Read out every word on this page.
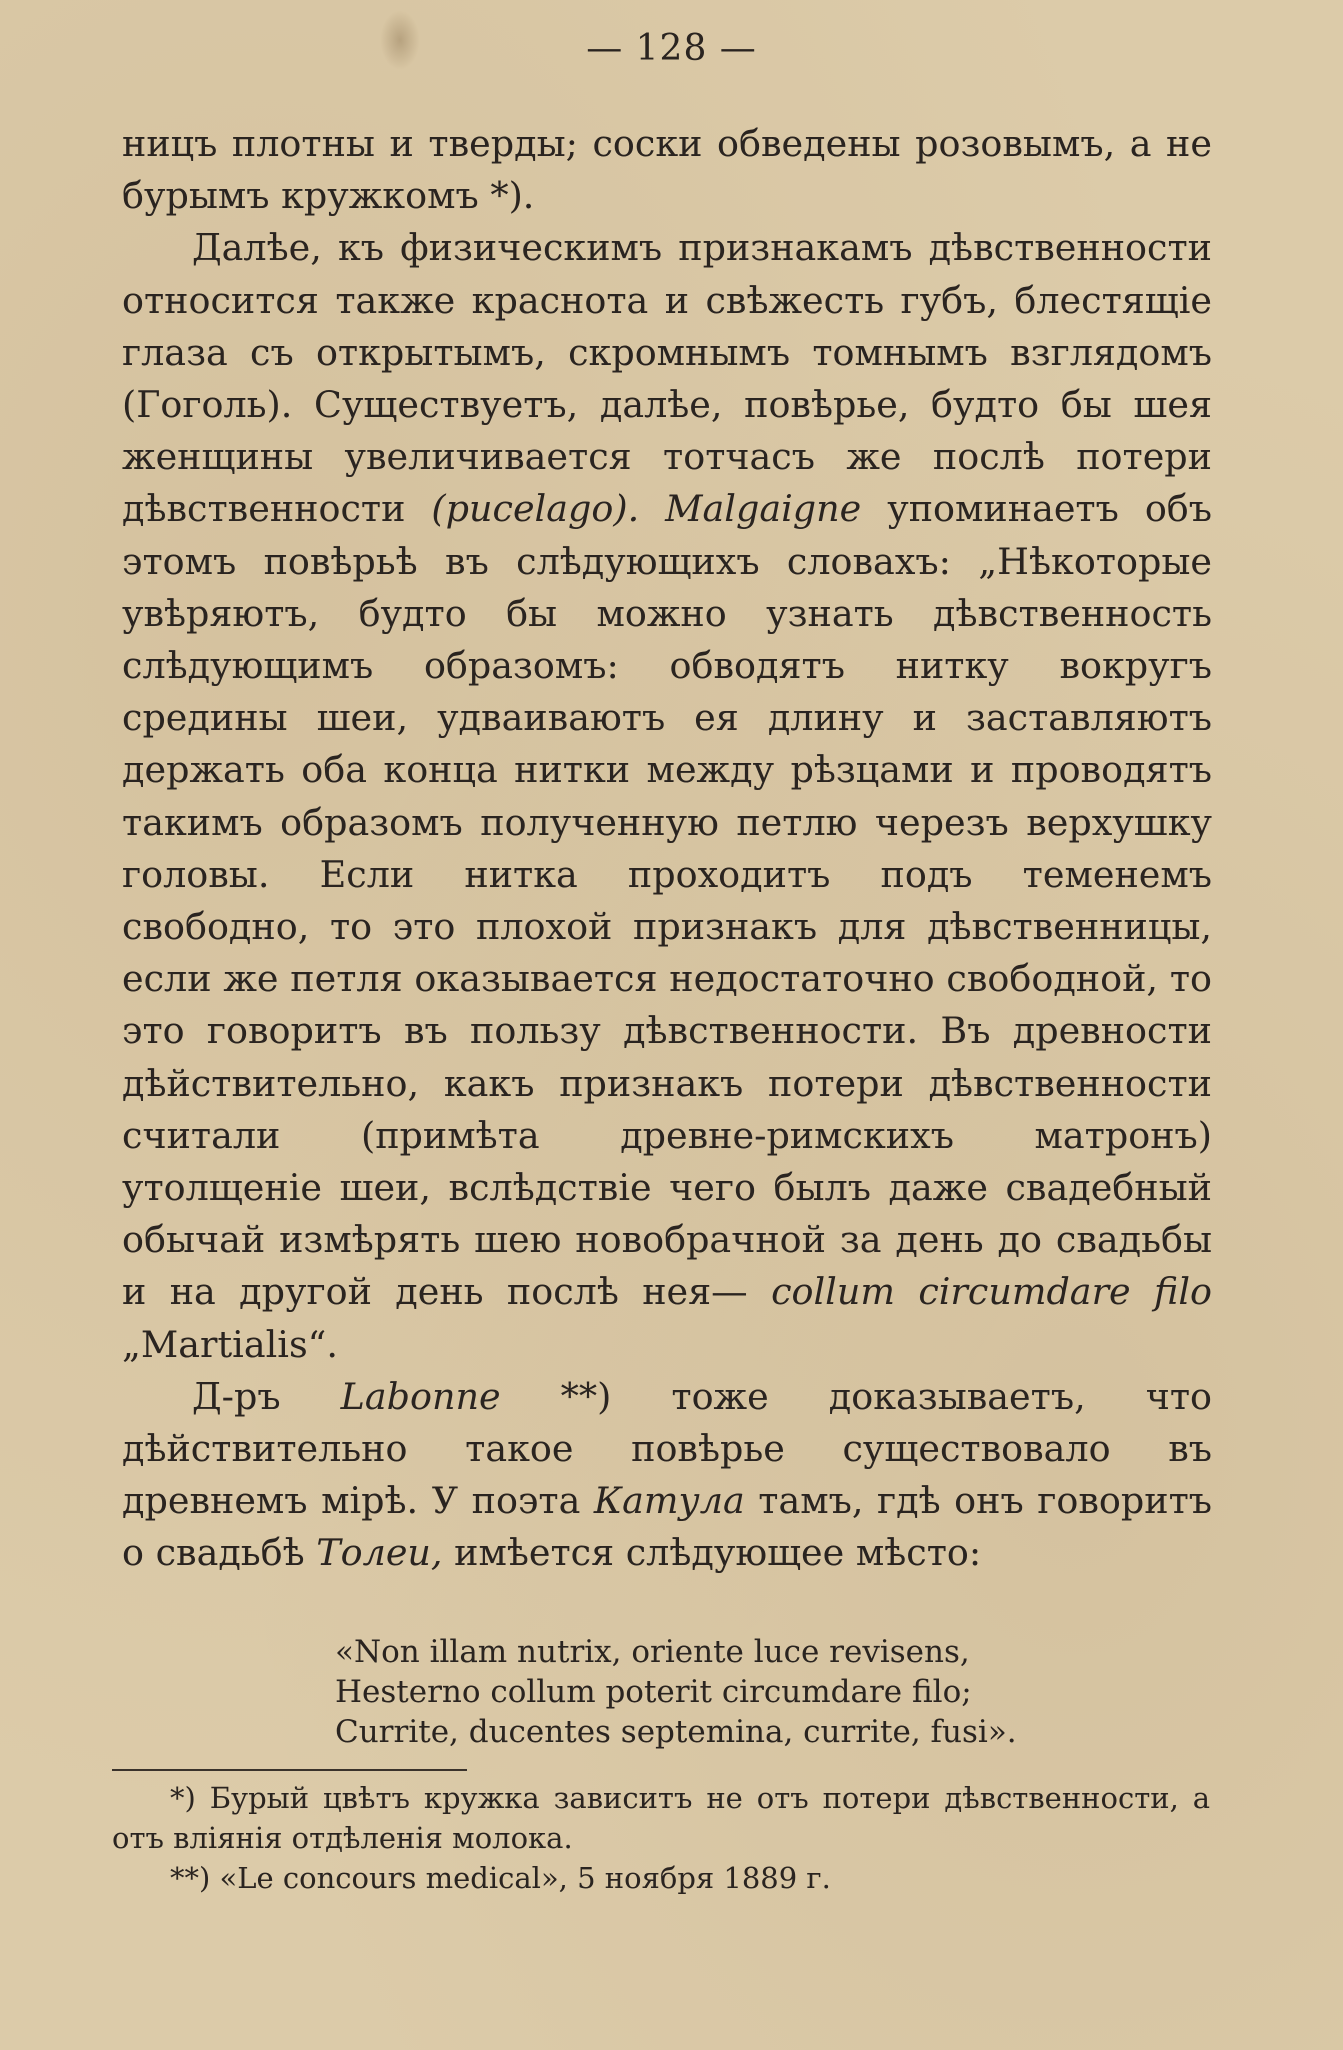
— 128 —

ницъ плотны и тверды; соски обведены розовымъ, а не бурымъ кружкомъ *).

Далѣе, къ физическимъ признакамъ дѣвственности относится также краснота и свѣжесть губъ, блестящіе глаза съ открытымъ, скромнымъ томнымъ взглядомъ (Гоголь). Существуетъ, далѣе, повѣрье, будто бы шея женщины увеличивается тотчасъ же послѣ потери дѣвственности (pucelago). Malgaigne упоминаетъ объ этомъ повѣрьѣ въ слѣдующихъ словахъ: „Нѣкоторые увѣряютъ, будто бы можно узнать дѣвственность слѣдующимъ образомъ: обводятъ нитку вокругъ средины шеи, удваиваютъ ея длину и заставляютъ держать оба конца нитки между рѣзцами и проводятъ такимъ образомъ полученную петлю черезъ верхушку головы. Если нитка проходитъ подъ теменемъ свободно, то это плохой признакъ для дѣвственницы, если же петля оказывается недостаточно свободной, то это говоритъ въ пользу дѣвственности. Въ древности дѣйствительно, какъ признакъ потери дѣвственности считали (примѣта древне-римскихъ матронъ) утолщеніе шеи, вслѣдствіе чего былъ даже свадебный обычай измѣрять шею новобрачной за день до свадьбы и на другой день послѣ нея— collum circumdare filo „Martialis“.

Д-ръ Labonne **) тоже доказываетъ, что дѣйствительно такое повѣрье существовало въ древнемъ мірѣ. У поэта Катула тамъ, гдѣ онъ говоритъ о свадьбѣ Толеи, имѣется слѣдующее мѣсто:

«Non illam nutrix, oriente luce revisens,
Hesterno collum poterit circumdare filo;
Currite, ducentes septemina, currite, fusi».

*) Бурый цвѣтъ кружка зависитъ не отъ потери дѣвственности, а отъ вліянія отдѣленія молока.

**) «Le concours medical», 5 ноября 1889 г.
